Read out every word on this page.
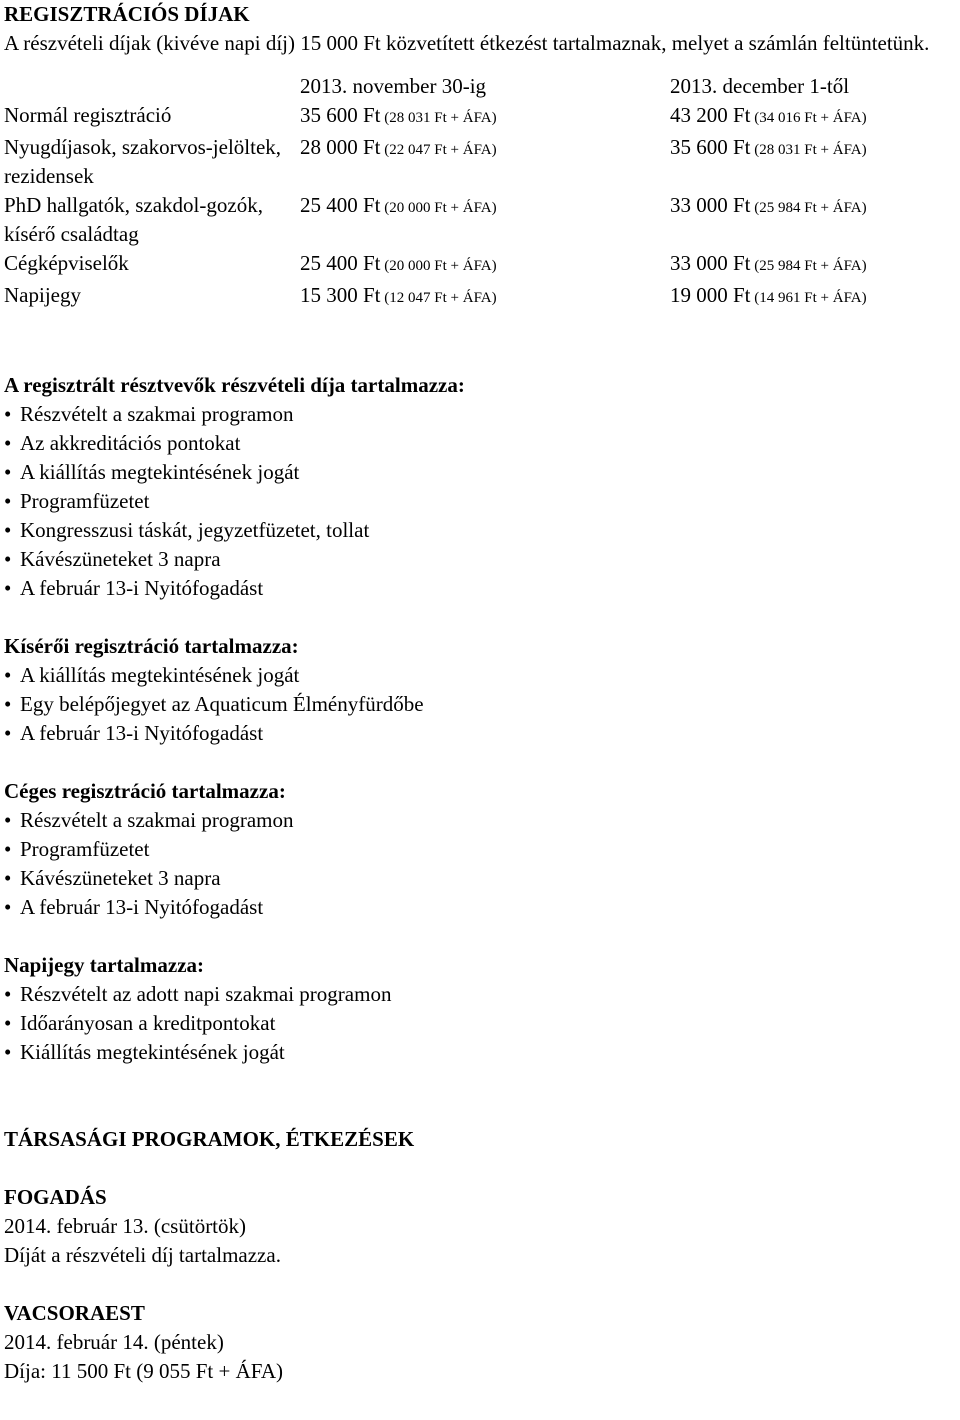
REGISZTRÁCIÓS DÍJAK
A részvételi díjak (kivéve napi díj) 15 000 Ft közvetített étkezést tartalmaznak, melyet a számlán feltüntetünk.
	2013. november 30-ig	2013. december 1-től
Normál regisztráció	35 600 Ft (28 031 Ft + ÁFA)	43 200 Ft (34 016 Ft + ÁFA)
Nyugdíjasok, szakorvos-jelöltek, rezidensek	28 000 Ft (22 047 Ft + ÁFA)	35 600 Ft (28 031 Ft + ÁFA)
PhD hallgatók, szakdol-gozók, kísérő családtag	25 400 Ft (20 000 Ft + ÁFA)	33 000 Ft (25 984 Ft + ÁFA)
Cégképviselők	25 400 Ft (20 000 Ft + ÁFA)	33 000 Ft (25 984 Ft + ÁFA)
Napijegy	15 300 Ft (12 047 Ft + ÁFA)	19 000 Ft (14 961 Ft + ÁFA)
A regisztrált résztvevők részvételi díja tartalmazza:
• Részvételt a szakmai programon
• Az akkreditációs pontokat
• A kiállítás megtekintésének jogát
• Programfüzetet
• Kongresszusi táskát, jegyzetfüzetet, tollat
• Kávészüneteket 3 napra
• A február 13-i Nyitófogadást
Kísérői regisztráció tartalmazza:
• A kiállítás megtekintésének jogát
• Egy belépőjegyet az Aquaticum Élményfürdőbe
• A február 13-i Nyitófogadást
Céges regisztráció tartalmazza:
• Részvételt a szakmai programon
• Programfüzetet
• Kávészüneteket 3 napra
• A február 13-i Nyitófogadást
Napijegy tartalmazza:
• Részvételt az adott napi szakmai programon
• Időarányosan a kreditpontokat
• Kiállítás megtekintésének jogát
TÁRSASÁGI PROGRAMOK, ÉTKEZÉSEK
FOGADÁS
2014. február 13. (csütörtök)
Díját a részvételi díj tartalmazza.
VACSORAEST
2014. február 14. (péntek)
Díja: 11 500 Ft (9 055 Ft + ÁFA)
